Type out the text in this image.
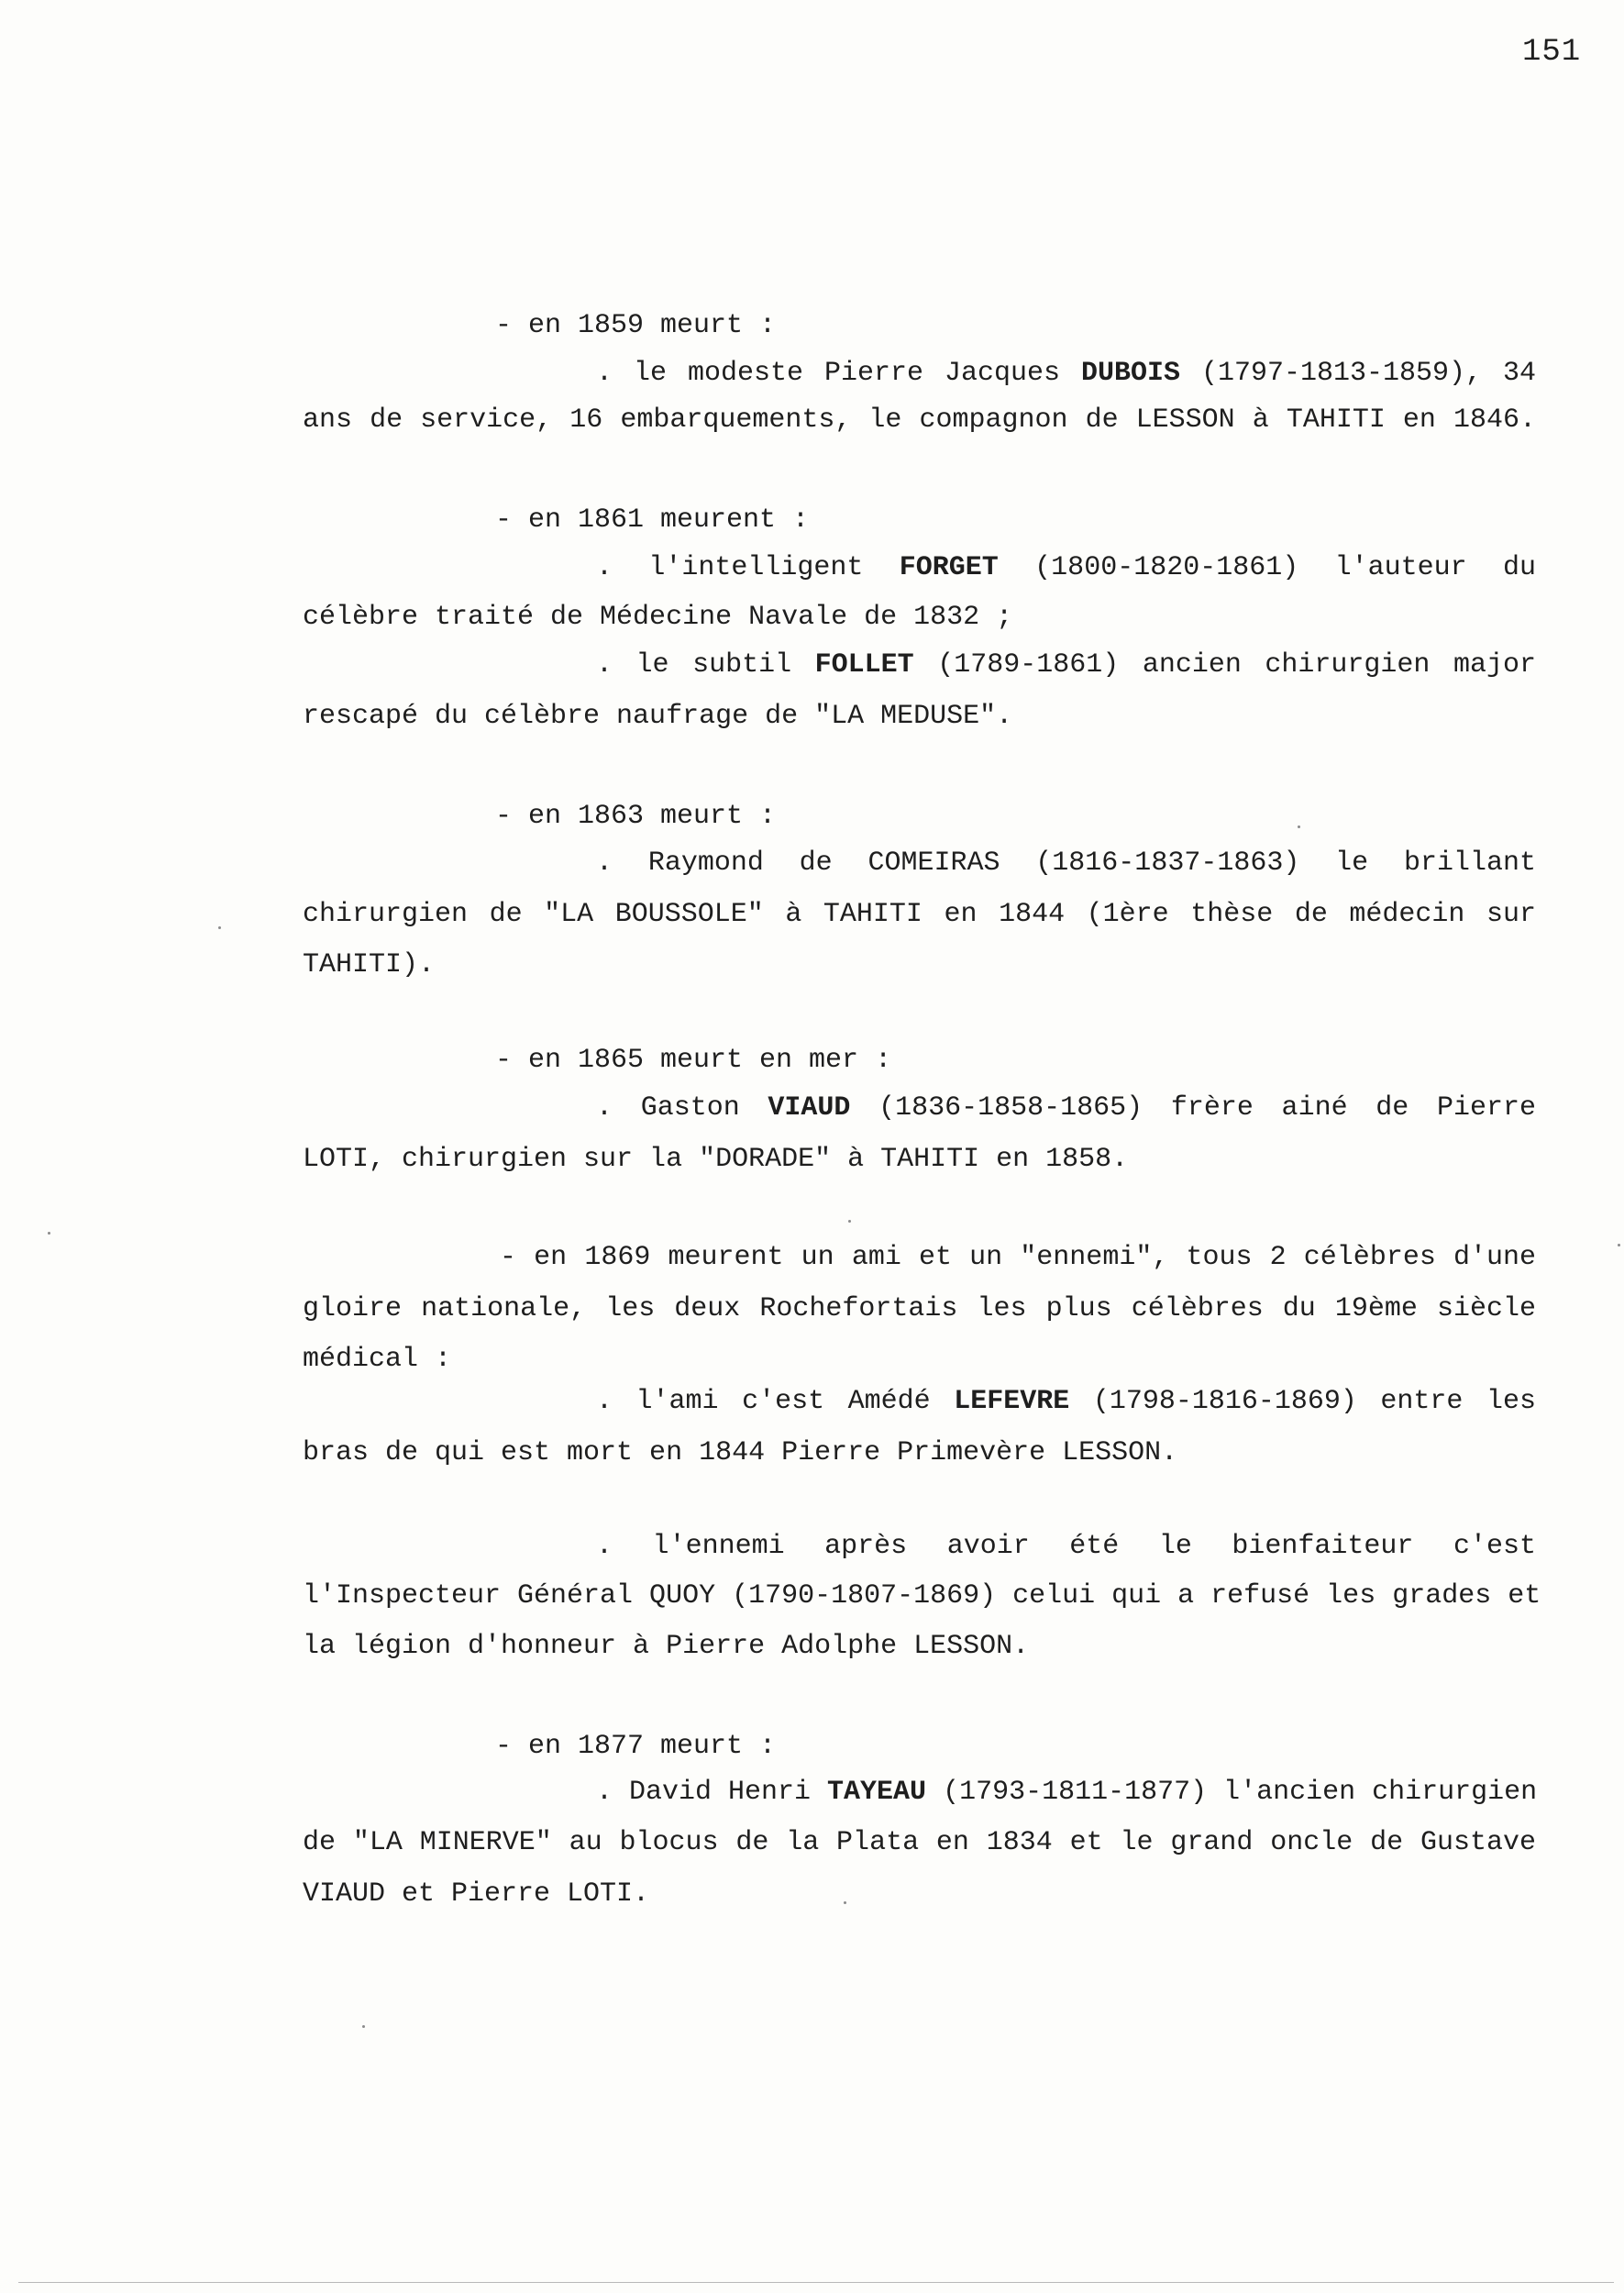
151
- en 1859 meurt :
. le modeste Pierre Jacques DUBOIS (1797-1813-1859), 34
ans de service, 16 embarquements, le compagnon de LESSON à TAHITI en 1846.
- en 1861 meurent :
. l'intelligent FORGET (1800-1820-1861) l'auteur du
célèbre traité de Médecine Navale de 1832 ;
. le subtil FOLLET (1789-1861) ancien chirurgien major
rescapé du célèbre naufrage de "LA MEDUSE".
- en 1863 meurt :
. Raymond de COMEIRAS (1816-1837-1863) le brillant
chirurgien de "LA BOUSSOLE" à TAHITI en 1844 (1ère thèse de médecin sur
TAHITI).
- en 1865 meurt en mer :
. Gaston VIAUD (1836-1858-1865) frère ainé de Pierre
LOTI, chirurgien sur la "DORADE" à TAHITI en 1858.
- en 1869 meurent un ami et un "ennemi", tous 2 célèbres d'une
gloire nationale, les deux Rochefortais les plus célèbres du 19ème siècle
médical :
. l'ami c'est Amédé LEFEVRE (1798-1816-1869) entre les
bras de qui est mort en 1844 Pierre Primevère LESSON.
. l'ennemi après avoir été le bienfaiteur c'est
l'Inspecteur Général QUOY (1790-1807-1869) celui qui a refusé les grades et
la légion d'honneur à Pierre Adolphe LESSON.
- en 1877 meurt :
. David Henri TAYEAU (1793-1811-1877) l'ancien chirurgien
de "LA MINERVE" au blocus de la Plata en 1834 et le grand oncle de Gustave
VIAUD et Pierre LOTI.
